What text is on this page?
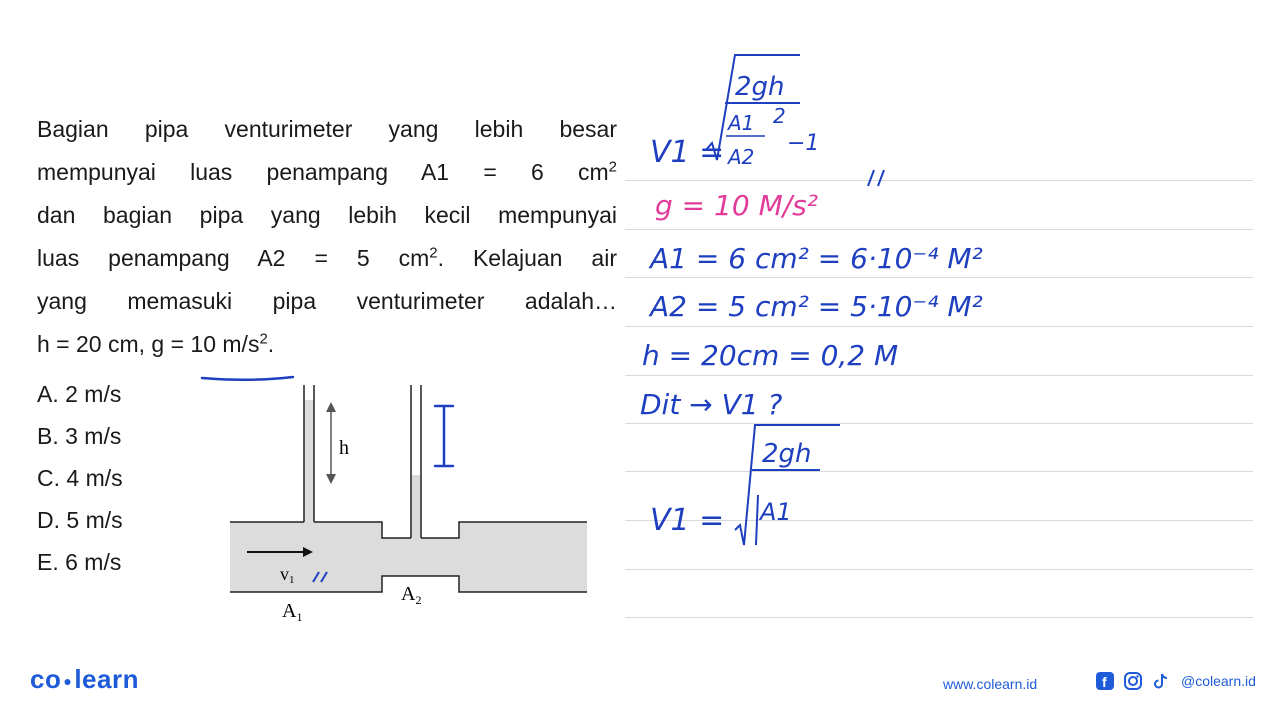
Bagian pipa venturimeter yang lebih besar

mempunyai luas penampang A1 = 6 $cm^2$

dan bagian pipa yang lebih kecil mempunyai

luas penampang A2 = 5 $cm^2$. Kelajuan air

yang memasuki pipa venturimeter adalah…

h = 20 cm, g = 10 $m/s^2$.

A. 2 m/s
B. 3 m/s
C. 4 m/s
D. 5 m/s
E. 6 m/s
h
v1
$A_1$
$A_2$
V1 =
2gh
A1
A2
2
−1
g = 10 M/s²
A1 = 6 cm² = 6·10⁻⁴ M²
A2 = 5 cm² = 5·10⁻⁴ M²
h = 20cm = 0,2 M
Dit → V1 ?
V1 =
2gh
A1
co ●learn	www.colearn.id	f	@colearn.id
